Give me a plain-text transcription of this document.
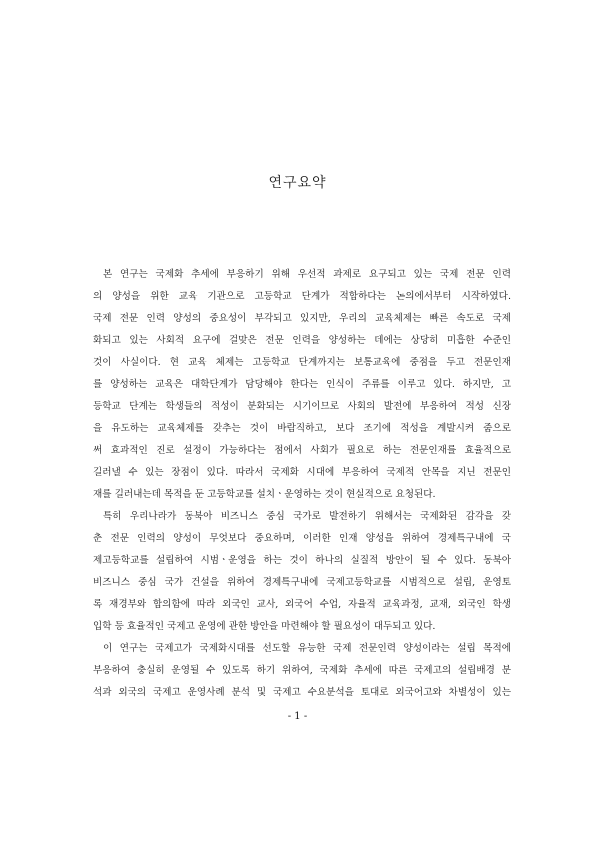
연구요약
본 연구는 국제화 추세에 부응하기 위해 우선적 과제로 요구되고 있는 국제 전문 인력
의 양성을 위한 교육 기관으로 고등학교 단계가 적합하다는 논의에서부터 시작하였다.
국제 전문 인력 양성의 중요성이 부각되고 있지만, 우리의 교육체제는 빠른 속도로 국제
화되고 있는 사회적 요구에 걸맞은 전문 인력을 양성하는 데에는 상당히 미흡한 수준인
것이 사실이다. 현 교육 체제는 고등학교 단계까지는 보통교육에 중점을 두고 전문인재
를 양성하는 교육은 대학단계가 담당해야 한다는 인식이 주류를 이루고 있다. 하지만, 고
등학교 단계는 학생들의 적성이 분화되는 시기이므로 사회의 발전에 부응하여 적성 신장
을 유도하는 교육체제를 갖추는 것이 바람직하고, 보다 조기에 적성을 계발시켜 줌으로
써 효과적인 진로 설정이 가능하다는 점에서 사회가 필요로 하는 전문인재를 효율적으로
길러낼 수 있는 장점이 있다. 따라서 국제화 시대에 부응하여 국제적 안목을 지닌 전문인
재를 길러내는데 목적을 둔 고등학교를 설치ㆍ운영하는 것이 현실적으로 요청된다.
특히 우리나라가 동북아 비즈니스 중심 국가로 발전하기 위해서는 국제화된 감각을 갖
춘 전문 인력의 양성이 무엇보다 중요하며, 이러한 인재 양성을 위하여 경제특구내에 국
제고등학교를 설립하여 시범ㆍ운영을 하는 것이 하나의 실질적 방안이 될 수 있다. 동북아
비즈니스 중심 국가 건설을 위하여 경제특구내에 국제고등학교를 시범적으로 설립, 운영토
록 재경부와 합의함에 따라 외국인 교사, 외국어 수업, 자율적 교육과정, 교재, 외국인 학생
입학 등 효율적인 국제고 운영에 관한 방안을 마련해야 할 필요성이 대두되고 있다.
이 연구는 국제고가 국제화시대를 선도할 유능한 국제 전문인력 양성이라는 설립 목적에
부응하여 충실히 운영될 수 있도록 하기 위하여, 국제화 추세에 따른 국제고의 설립배경 분
석과 외국의 국제고 운영사례 분석 및 국제고 수요분석을 토대로 외국어고와 차별성이 있는

- 1 -
